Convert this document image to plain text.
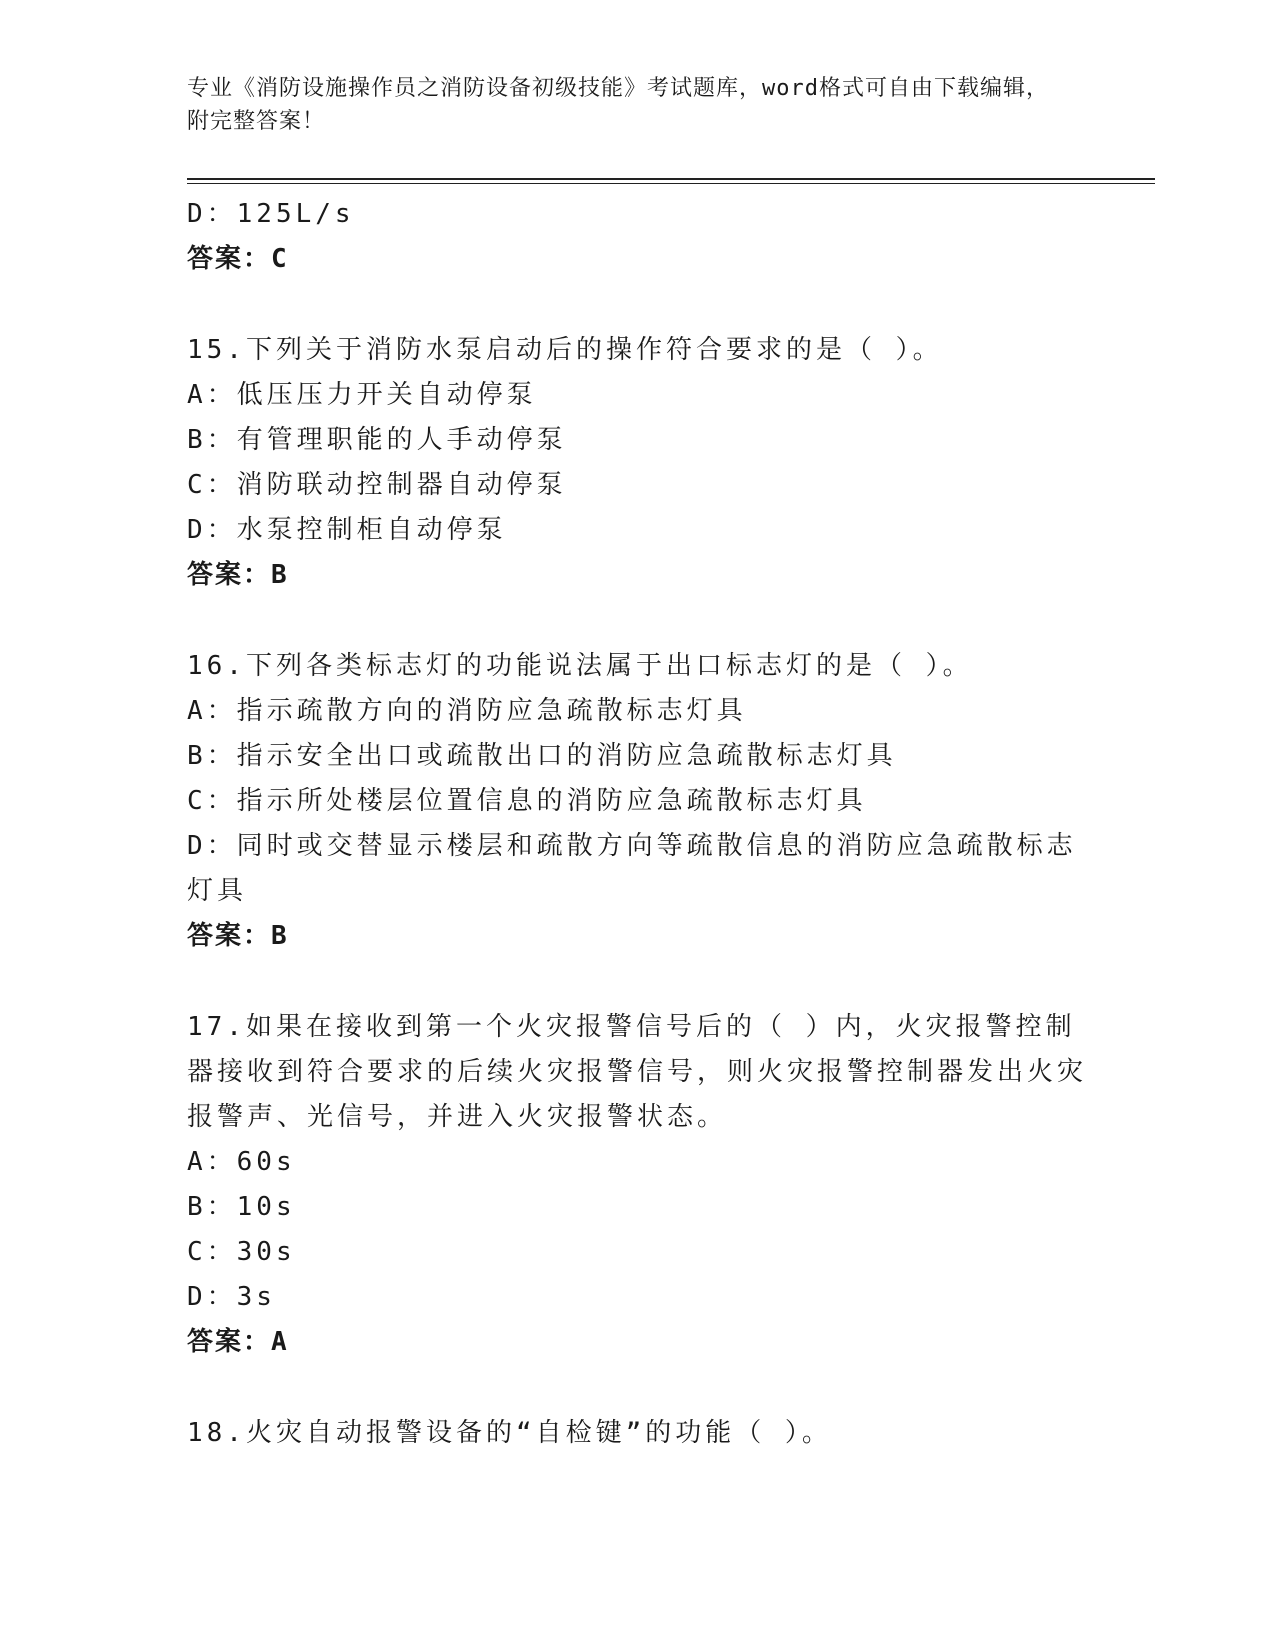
专业《消防设施操作员之消防设备初级技能》考试题库，word格式可自由下载编辑，附完整答案！
D：125L/s
答案：C
15.下列关于消防水泵启动后的操作符合要求的是（ ）。
A：低压压力开关自动停泵
B：有管理职能的人手动停泵
C：消防联动控制器自动停泵
D：水泵控制柜自动停泵
答案：B
16.下列各类标志灯的功能说法属于出口标志灯的是（ ）。
A：指示疏散方向的消防应急疏散标志灯具
B：指示安全出口或疏散出口的消防应急疏散标志灯具
C：指示所处楼层位置信息的消防应急疏散标志灯具
D：同时或交替显示楼层和疏散方向等疏散信息的消防应急疏散标志灯具
答案：B
17.如果在接收到第一个火灾报警信号后的（ ）内，火灾报警控制器接收到符合要求的后续火灾报警信号，则火灾报警控制器发出火灾报警声、光信号，并进入火灾报警状态。
A：60s
B：10s
C：30s
D：3s
答案：A
18.火灾自动报警设备的“自检键”的功能（ ）。
